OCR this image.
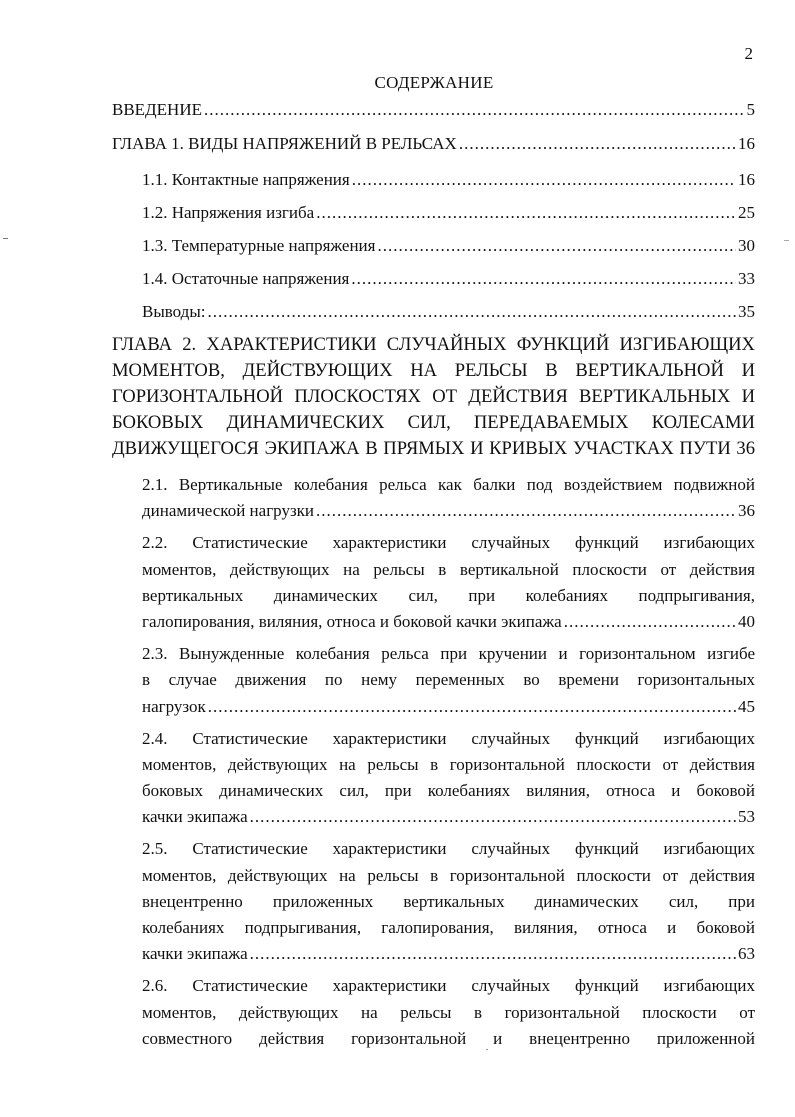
2
СОДЕРЖАНИЕ
ВВЕДЕНИЕ .....	5
ГЛАВА 1. ВИДЫ НАПРЯЖЕНИЙ В РЕЛЬСАХ .....	16
1.1. Контактные напряжения .....	16
1.2. Напряжения изгиба .....	25
1.3. Температурные напряжения .....	30
1.4. Остаточные напряжения .....	33
Выводы: .....	35
ГЛАВА 2. ХАРАКТЕРИСТИКИ СЛУЧАЙНЫХ ФУНКЦИЙ ИЗГИБАЮЩИХ
МОМЕНТОВ, ДЕЙСТВУЮЩИХ НА РЕЛЬСЫ В ВЕРТИКАЛЬНОЙ И
ГОРИЗОНТАЛЬНОЙ ПЛОСКОСТЯХ ОТ ДЕЙСТВИЯ ВЕРТИКАЛЬНЫХ И
БОКОВЫХ ДИНАМИЧЕСКИХ СИЛ, ПЕРЕДАВАЕМЫХ КОЛЕСАМИ
ДВИЖУЩЕГОСЯ ЭКИПАЖА В ПРЯМЫХ И КРИВЫХ УЧАСТКАХ ПУТИ 36
2.1. Вертикальные колебания рельса как балки под воздействием подвижной
динамической нагрузки .....	36
2.2. Статистические характеристики случайных функций изгибающих
моментов, действующих на рельсы в вертикальной плоскости от действия
вертикальных динамических сил, при колебаниях подпрыгивания,
галопирования, виляния, относа и боковой качки экипажа .....	40
2.3. Вынужденные колебания рельса при кручении и горизонтальном изгибе
в случае движения по нему переменных во времени горизонтальных
нагрузок .....	45
2.4. Статистические характеристики случайных функций изгибающих
моментов, действующих на рельсы в горизонтальной плоскости от действия
боковых динамических сил, при колебаниях виляния, относа и боковой
качки экипажа .....	53
2.5. Статистические характеристики случайных функций изгибающих
моментов, действующих на рельсы в горизонтальной плоскости от действия
внецентренно приложенных вертикальных динамических сил, при
колебаниях подпрыгивания, галопирования, виляния, относа и боковой
качки экипажа .....	63
2.6. Статистические характеристики случайных функций изгибающих
моментов, действующих на рельсы в горизонтальной плоскости от
совместного действия горизонтальной и внецентренно приложенной
